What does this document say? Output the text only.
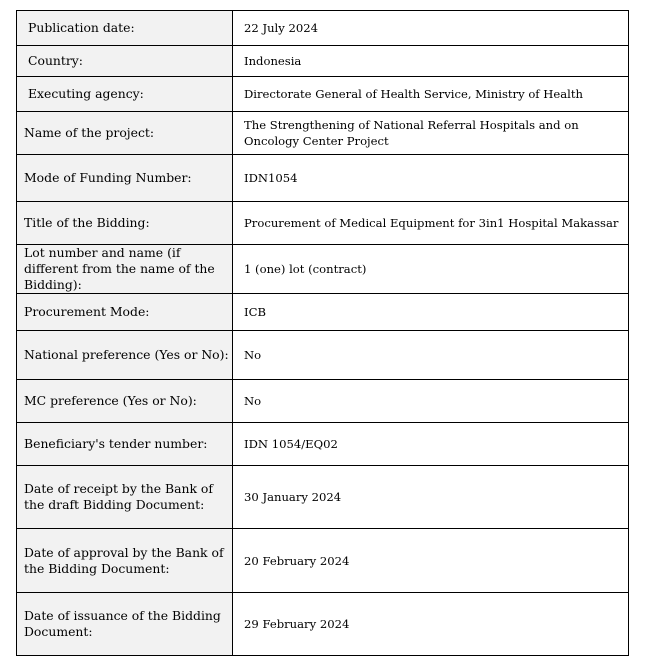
Publication date:	22 July 2024
Country:	Indonesia
Executing agency:	Directorate General of Health Service, Ministry of Health
Name of the project:	The Strengthening of National Referral Hospitals and on Oncology Center Project
Mode of Funding Number:	IDN1054
Title of the Bidding:	Procurement of Medical Equipment for 3in1 Hospital Makassar
Lot number and name (if different from the name of the Bidding):	1 (one) lot (contract)
Procurement Mode:	ICB
National preference (Yes or No):	No
MC preference (Yes or No):	No
Beneficiary's tender number:	IDN 1054/EQ02
Date of receipt by the Bank of the draft Bidding Document:	30 January 2024
Date of approval by the Bank of the Bidding Document:	20 February 2024
Date of issuance of the Bidding Document:	29 February 2024
